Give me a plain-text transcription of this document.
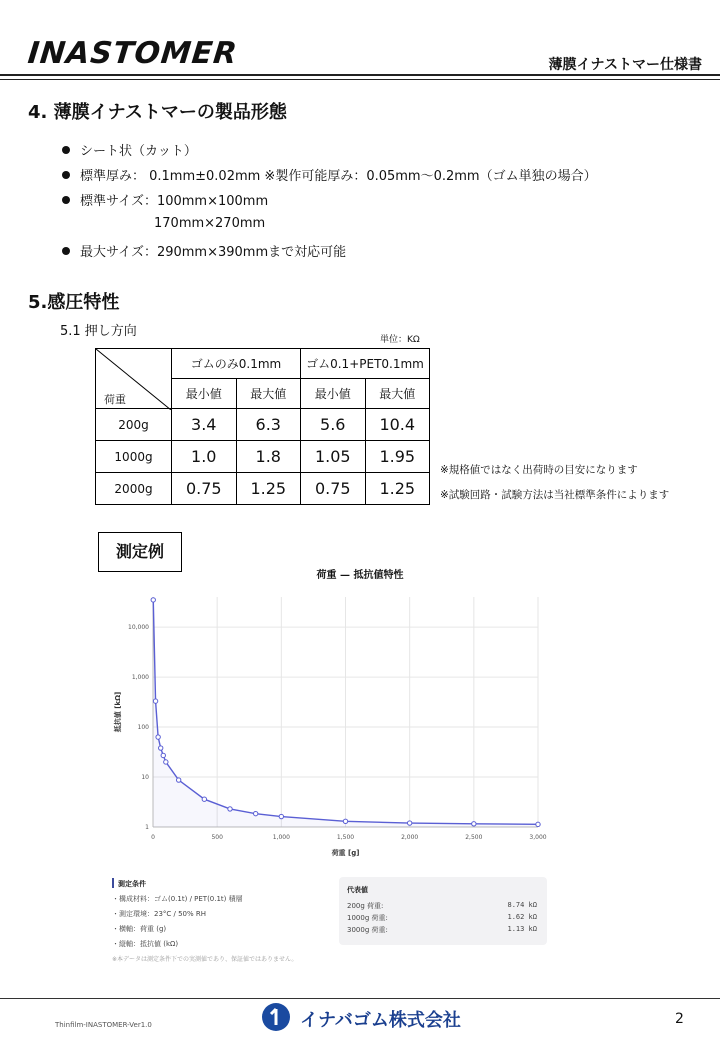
INASTOMER	薄膜イナストマー仕様書
4. 薄膜イナストマーの製品形態
シート状（カット）
標準厚み： 0.1mm±0.02mm ※製作可能厚み：0.05mm～0.2mm（ゴム単独の場合）
標準サイズ：100mm×100mm
170mm×270mm
最大サイズ：290mm×390mmまで対応可能
5.感圧特性
5.1 押し方向
単位：KΩ
荷重	ゴムのみ0.1mm		ゴム0.1+PET0.1mm	
	最小値	最大値	最小値	最大値
200g	3.4	6.3	5.6	10.4
1000g	1.0	1.8	1.05	1.95
2000g	0.75	1.25	0.75	1.25
※規格値ではなく出荷時の目安になります
※試験回路・試験方法は当社標準条件によります
測定例
荷重 — 抵抗値特性
0	500	1,000	1,500	2,000	2,500	3,000
1
10
100
1,000
10,000
荷重 [g]
抵抗値 [kΩ]
測定条件
・構成材料：ゴム(0.1t) / PET(0.1t) 積層
・測定環境：23°C / 50% RH
・横軸：荷重 (g)
・縦軸：抵抗値 (kΩ)
※本データは測定条件下での実測値であり、保証値ではありません。
代表値
200g 荷重:	8.74 kΩ
1000g 荷重:	1.62 kΩ
3000g 荷重:	1.13 kΩ
Thinfilm-INASTOMER-Ver1.0	イナバゴム株式会社	2
